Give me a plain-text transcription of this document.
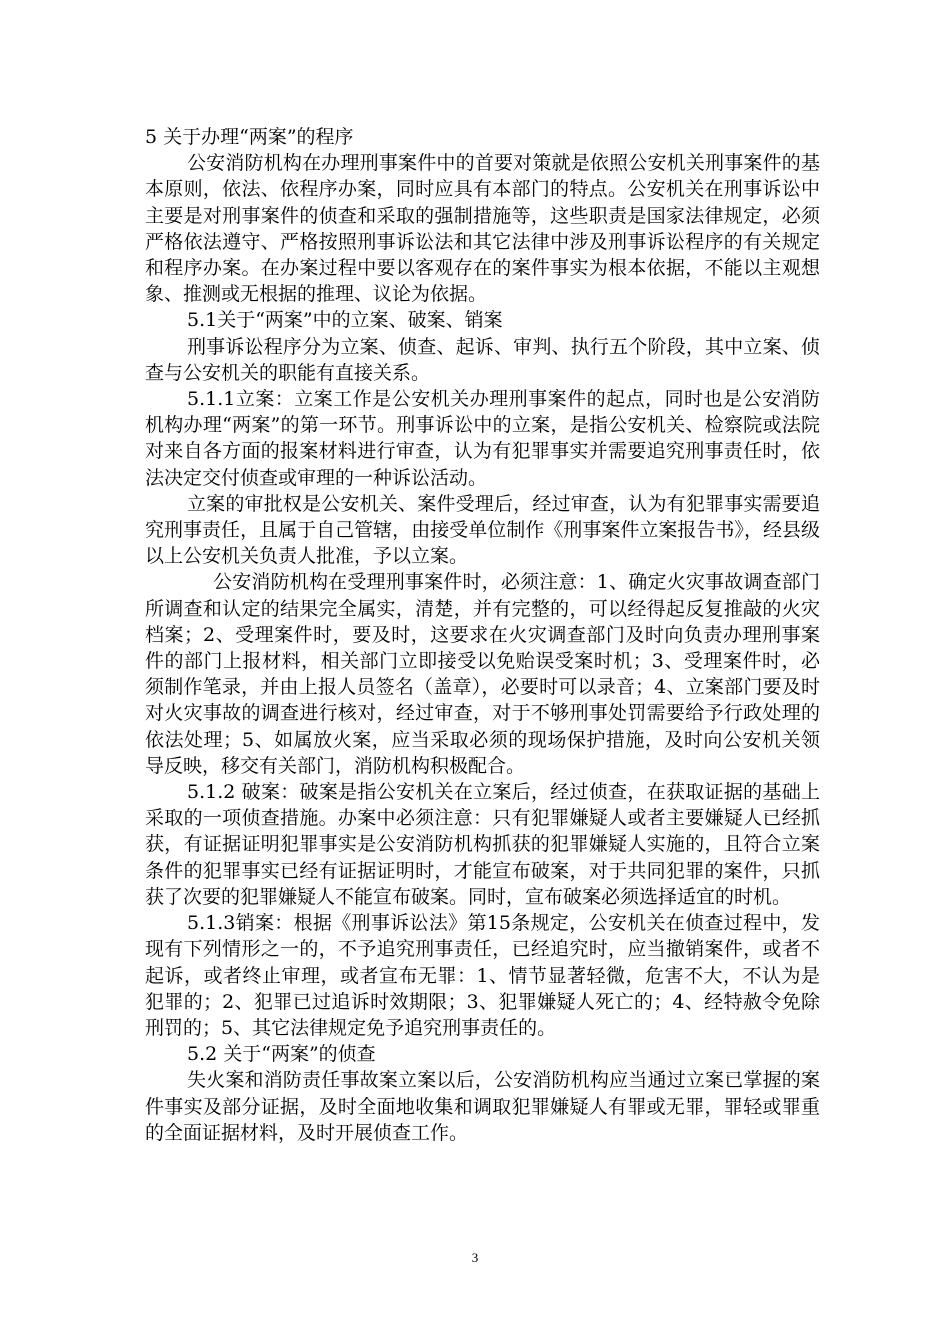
5 关于办理“两案”的程序

公安消防机构在办理刑事案件中的首要对策就是依照公安机关刑事案件的基本原则，依法、依程序办案，同时应具有本部门的特点。公安机关在刑事诉讼中主要是对刑事案件的侦查和采取的强制措施等，这些职责是国家法律规定，必须严格依法遵守、严格按照刑事诉讼法和其它法律中涉及刑事诉讼程序的有关规定和程序办案。在办案过程中要以客观存在的案件事实为根本依据，不能以主观想象、推测或无根据的推理、议论为依据。

5.1关于“两案”中的立案、破案、销案

刑事诉讼程序分为立案、侦查、起诉、审判、执行五个阶段，其中立案、侦查与公安机关的职能有直接关系。

5.1.1立案：立案工作是公安机关办理刑事案件的起点，同时也是公安消防机构办理“两案”的第一环节。刑事诉讼中的立案，是指公安机关、检察院或法院对来自各方面的报案材料进行审查，认为有犯罪事实并需要追究刑事责任时，依法决定交付侦查或审理的一种诉讼活动。

立案的审批权是公安机关、案件受理后，经过审查，认为有犯罪事实需要追究刑事责任，且属于自己管辖，由接受单位制作《刑事案件立案报告书》，经县级以上公安机关负责人批准，予以立案。

公安消防机构在受理刑事案件时，必须注意：1、确定火灾事故调查部门所调查和认定的结果完全属实，清楚，并有完整的，可以经得起反复推敲的火灾档案；2、受理案件时，要及时，这要求在火灾调查部门及时向负责办理刑事案件的部门上报材料，相关部门立即接受以免贻误受案时机；3、受理案件时，必须制作笔录，并由上报人员签名（盖章），必要时可以录音；4、立案部门要及时对火灾事故的调查进行核对，经过审查，对于不够刑事处罚需要给予行政处理的依法处理；5、如属放火案，应当采取必须的现场保护措施，及时向公安机关领导反映，移交有关部门，消防机构积极配合。

5.1.2 破案：破案是指公安机关在立案后，经过侦查，在获取证据的基础上采取的一项侦查措施。办案中必须注意：只有犯罪嫌疑人或者主要嫌疑人已经抓获，有证据证明犯罪事实是公安消防机构抓获的犯罪嫌疑人实施的，且符合立案条件的犯罪事实已经有证据证明时，才能宣布破案，对于共同犯罪的案件，只抓获了次要的犯罪嫌疑人不能宣布破案。同时，宣布破案必须选择适宜的时机。

5.1.3销案：根据《刑事诉讼法》第15条规定，公安机关在侦查过程中，发现有下列情形之一的，不予追究刑事责任，已经追究时，应当撤销案件，或者不起诉，或者终止审理，或者宣布无罪：1、情节显著轻微，危害不大，不认为是犯罪的；2、犯罪已过追诉时效期限；3、犯罪嫌疑人死亡的；4、经特赦令免除刑罚的；5、其它法律规定免予追究刑事责任的。

5.2 关于“两案”的侦查

失火案和消防责任事故案立案以后，公安消防机构应当通过立案已掌握的案件事实及部分证据，及时全面地收集和调取犯罪嫌疑人有罪或无罪，罪轻或罪重的全面证据材料，及时开展侦查工作。

3
